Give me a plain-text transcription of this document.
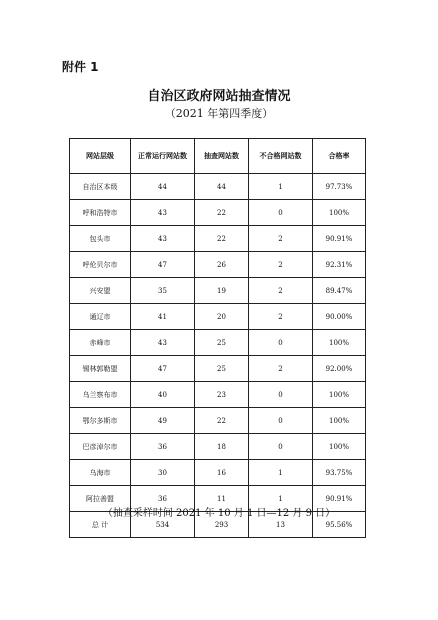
附件 1
自治区政府网站抽查情况
（2021 年第四季度）
网站层级	正常运行网站数	抽查网站数	不合格网站数	合格率
自治区本级	44	44	1	97.73%
呼和浩特市	43	22	0	100%
包头市	43	22	2	90.91%
呼伦贝尔市	47	26	2	92.31%
兴安盟	35	19	2	89.47%
通辽市	41	20	2	90.00%
赤峰市	43	25	0	100%
锡林郭勒盟	47	25	2	92.00%
乌兰察布市	40	23	0	100%
鄂尔多斯市	49	22	0	100%
巴彦淖尔市	36	18	0	100%
乌海市	30	16	1	93.75%
阿拉善盟	36	11	1	90.91%
总 计	534	293	13	95.56%
（抽查采样时间 2021 年 10 月 1 日—12 月 9 日）
